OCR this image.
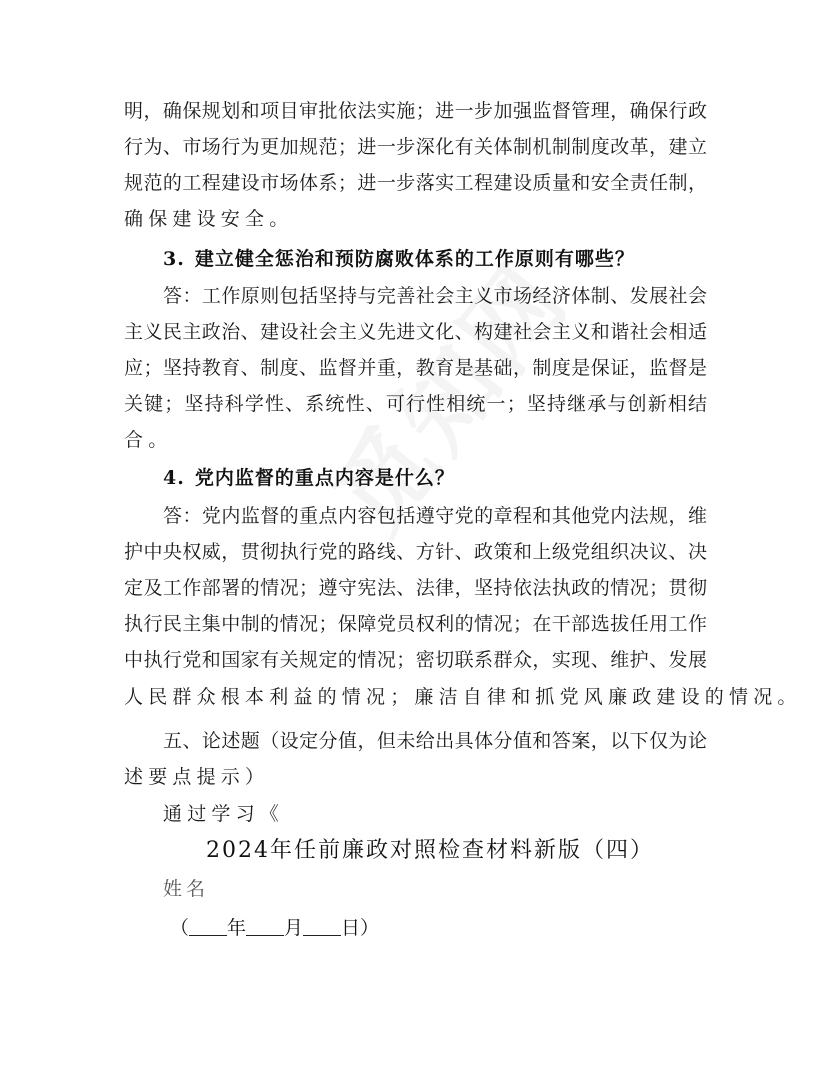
明，确保规划和项目审批依法实施；进一步加强监督管理，确保行政
行为、市场行为更加规范；进一步深化有关体制机制制度改革，建立
规范的工程建设市场体系；进一步落实工程建设质量和安全责任制，
确保建设安全。
3. 建立健全惩治和预防腐败体系的工作原则有哪些？
答：工作原则包括坚持与完善社会主义市场经济体制、发展社会
主义民主政治、建设社会主义先进文化、构建社会主义和谐社会相适
应；坚持教育、制度、监督并重，教育是基础，制度是保证，监督是
关键；坚持科学性、系统性、可行性相统一；坚持继承与创新相结
合。
4. 党内监督的重点内容是什么？
答：党内监督的重点内容包括遵守党的章程和其他党内法规，维
护中央权威，贯彻执行党的路线、方针、政策和上级党组织决议、决
定及工作部署的情况；遵守宪法、法律，坚持依法执政的情况；贯彻
执行民主集中制的情况；保障党员权利的情况；在干部选拔任用工作
中执行党和国家有关规定的情况；密切联系群众，实现、维护、发展
人民群众根本利益的情况；廉洁自律和抓党风廉政建设的情况。
五、论述题（设定分值，但未给出具体分值和答案，以下仅为论
述要点提示）
通过学习《
2024年任前廉政对照检查材料新版（四）
姓名
（ 年 月 日）
